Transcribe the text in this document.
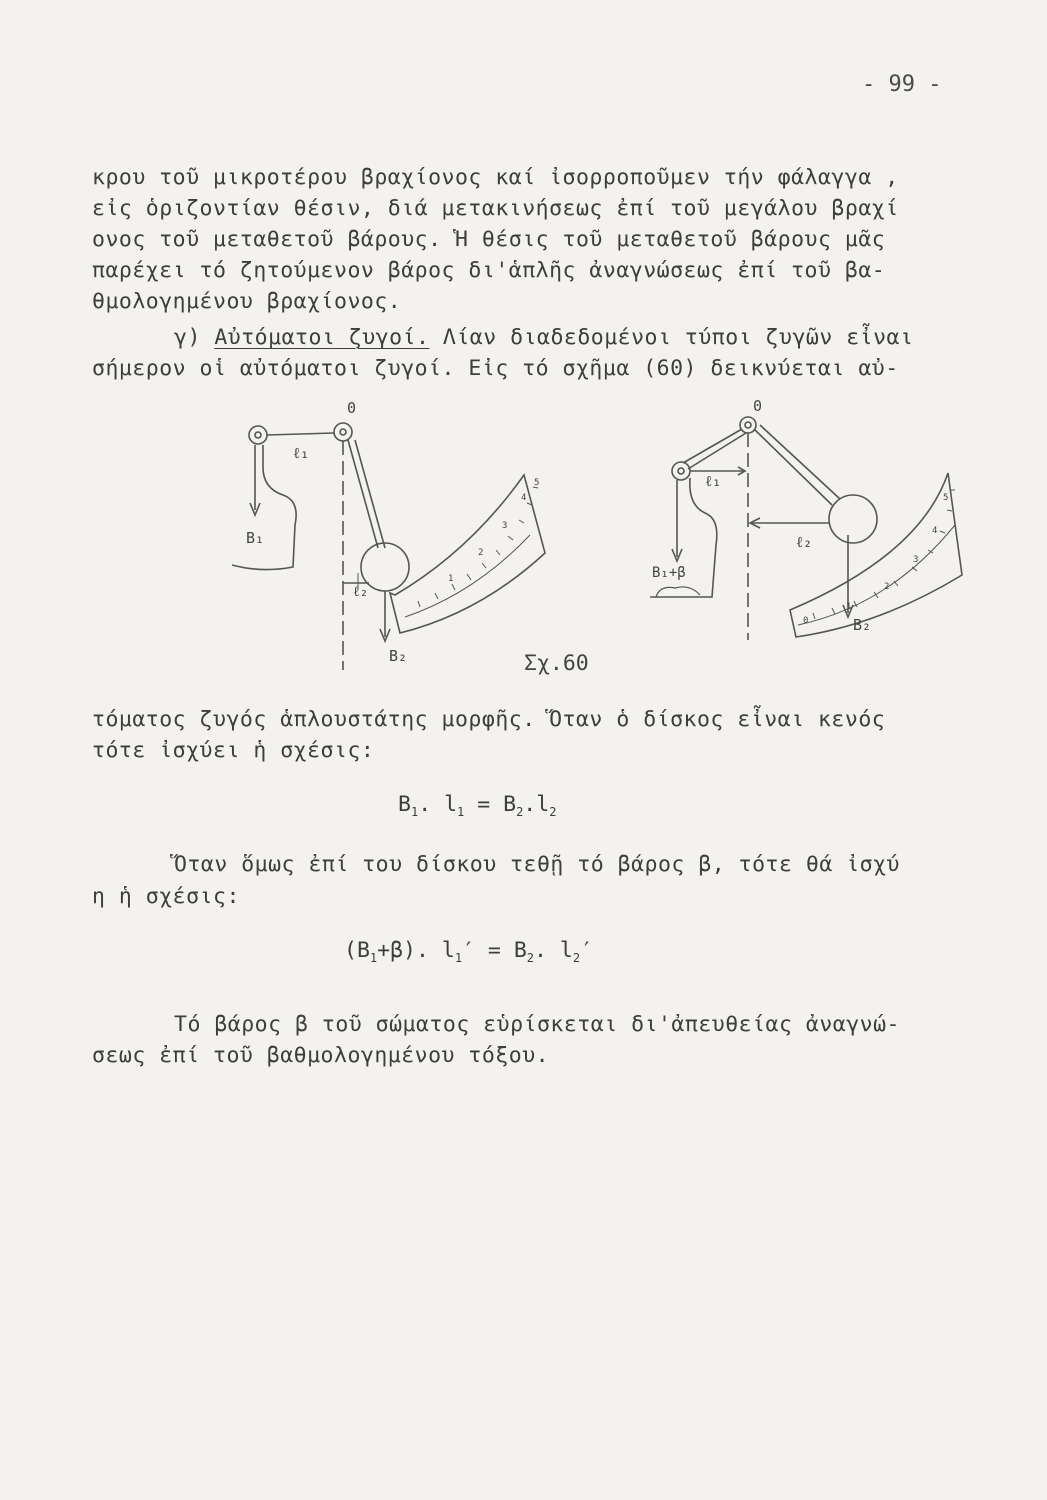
- 99 -
κρου τοῦ μικροτέρου βραχίονος καί ἰσορροποῦμεν τήν φάλαγγα ,
εἰς ὁριζοντίαν θέσιν, διά μετακινήσεως ἐπί τοῦ μεγάλου βραχί
ονος τοῦ μεταθετοῦ βάρους. Ἡ θέσις τοῦ μεταθετοῦ βάρους μᾶς
παρέχει τό ζητούμενον βάρος δι'ἁπλῆς ἀναγνώσεως ἐπί τοῦ βα-
θμολογημένου βραχίονος.
γ) Αὐτόματοι ζυγοί. Λίαν διαδεδομένοι τύποι ζυγῶν εἶναι
σήμερον οἱ αὐτόματοι ζυγοί. Εἰς τό σχῆμα (60) δεικνύεται αὐ-
0
ℓ₁
B₁
ℓ₂
B₂
1
2
3
4
5
0
ℓ₁
B₁+β
ℓ₂
B₂
0
1
2
3
4
5
Σχ.60
τόματος ζυγός ἁπλουστάτης μορφῆς. Ὅταν ὁ δίσκος εἶναι κενός
τότε ἰσχύει ἡ σχέσις:
$B_1$. $l_1 = B_2.l_2$
Ὅταν ὅμως ἐπί του δίσκου τεθῇ τό βάρος β, τότε θά ἰσχύ
η ἡ σχέσις:
$(B_1+\beta)$. $l_1' = B_2$. $l_2'$
Τό βάρος β τοῦ σώματος εὑρίσκεται δι'ἀπευθείας ἀναγνώ-
σεως ἐπί τοῦ βαθμολογημένου τόξου.
